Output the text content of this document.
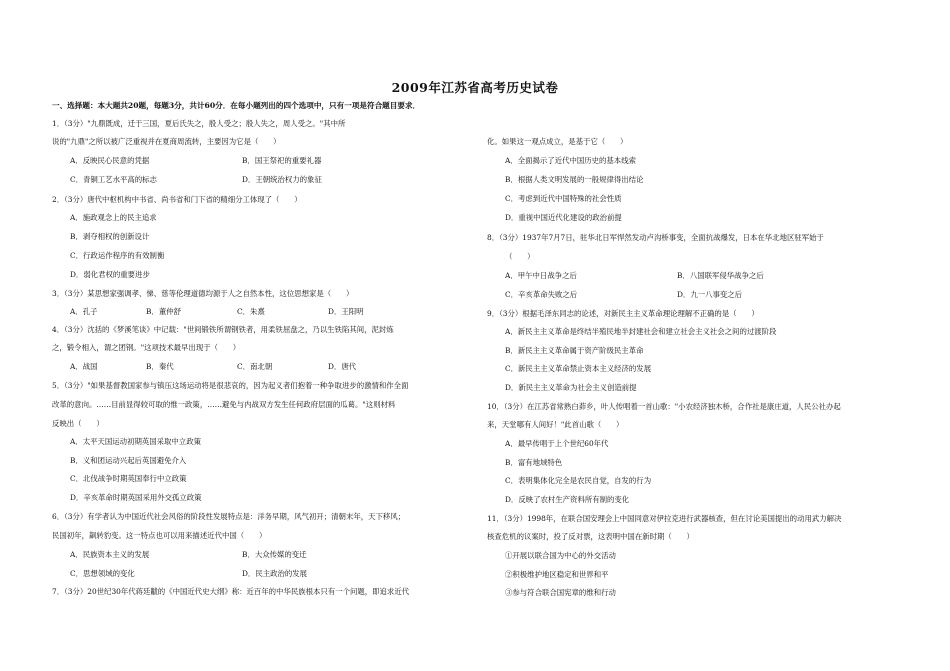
2009年江苏省高考历史试卷
一、选择题：本大题共20题，每题3分，共计60分．在每小题列出的四个选项中，只有一项是符合题目要求．
1．（3分）"九鼎既成，迁于三国，夏后氏失之，殷人受之；殷人失之，周人受之。"其中所
说的"九鼎"之所以被广泛重视并在夏商周流转，主要因为它是（　　）
A．反映民心民意的凭据	B．国王祭祀的重要礼器
C．青铜工艺水平高的标志	D．王朝统治权力的象征
2．（3分）唐代中枢机构中书省、尚书省和门下省的精细分工体现了（　　）
A．施政观念上的民主追求
B．剥夺相权的创新设计
C．行政运作程序的有效制衡
D．弱化君权的重要进步
3．（3分）某思想家强调孝、悌、慈等伦理道德均源于人之自然本性，这位思想家是（　　）
A．孔子	B．董仲舒	C．朱熹	D．王阳明
4．（3分）沈括的《梦溪笔谈》中记载："世间锻铁所谓钢铁者，用柔铁屈盘之，乃以生铁陷其间，泥封炼
之，锻令相入，谓之团钢。"这项技术最早出现于（　　）
A．战国	B．秦代	C．南北朝	D．唐代
5．（3分）"如果基督教国家参与镇压这场运动将是很悲哀的，因为起义者们抱着一种争取进步的激情和作全面
改革的意向。……目前显得较可取的惟一政策，……避免与内战双方发生任何政府层面的瓜葛。"这则材料
反映出（　　）
A．太平天国运动初期英国采取中立政策
B．义和团运动兴起后英国避免介入
C．北伐战争时期英国奉行中立政策
D．辛亥革命时期英国采用外交孤立政策
6．（3分）有学者认为中国近代社会风俗的阶段性发展特点是：洋务早期，风气初开；清朝末年，天下移风；
民国初年，飙转豹变。这一特点也可以用来描述近代中国（　　）
A．民族资本主义的发展	B．大众传媒的变迁
C．思想领域的变化	D．民主政治的发展
7．（3分）20世纪30年代蒋廷黻的《中国近代史大纲》称：近百年的中华民族根本只有一个问题，即追求近代
化。如果这一观点成立，是基于它（　　）
A．全面揭示了近代中国历史的基本线索
B．根据人类文明发展的一般规律得出结论
C．考虑到近代中国特殊的社会性质
D．重视中国近代化建设的政治前提
8．（3分）1937年7月7日，驻华北日军悍然发动卢沟桥事变，全面抗战爆发，日本在华北地区驻军始于
（　　）
A．甲午中日战争之后	B．八国联军侵华战争之后
C．辛亥革命失败之后	D．九一八事变之后
9．（3分）根据毛泽东同志的论述，对新民主主义革命理论理解不正确的是（　　）
A．新民主主义革命是终结半殖民地半封建社会和建立社会主义社会之间的过渡阶段
B．新民主主义革命属于资产阶级民主革命
C．新民主主义革命禁止资本主义经济的发展
D．新民主主义革命为社会主义创造前提
10．（3分）在江苏省常熟白茆乡，叶人传唱着一首山歌："小农经济独木桥，合作社是康庄道，人民公社办起
来，天堂哪有人间好！"此首山歌（　　）
A．最早传唱于上个世纪60年代
B．富有地域特色
C．表明集体化完全是农民自觉，自发的行为
D．反映了农村生产资料所有制的变化
11．（3分）1998年，在联合国安理会上中国同意对伊拉克进行武器核查，但在讨论美国提出的动用武力解决
核查危机的议案时，投了反对票，这表明中国在新时期（　　）
①开展以联合国为中心的外交活动
②积极维护地区稳定和世界和平
③参与符合联合国宪章的维和行动
